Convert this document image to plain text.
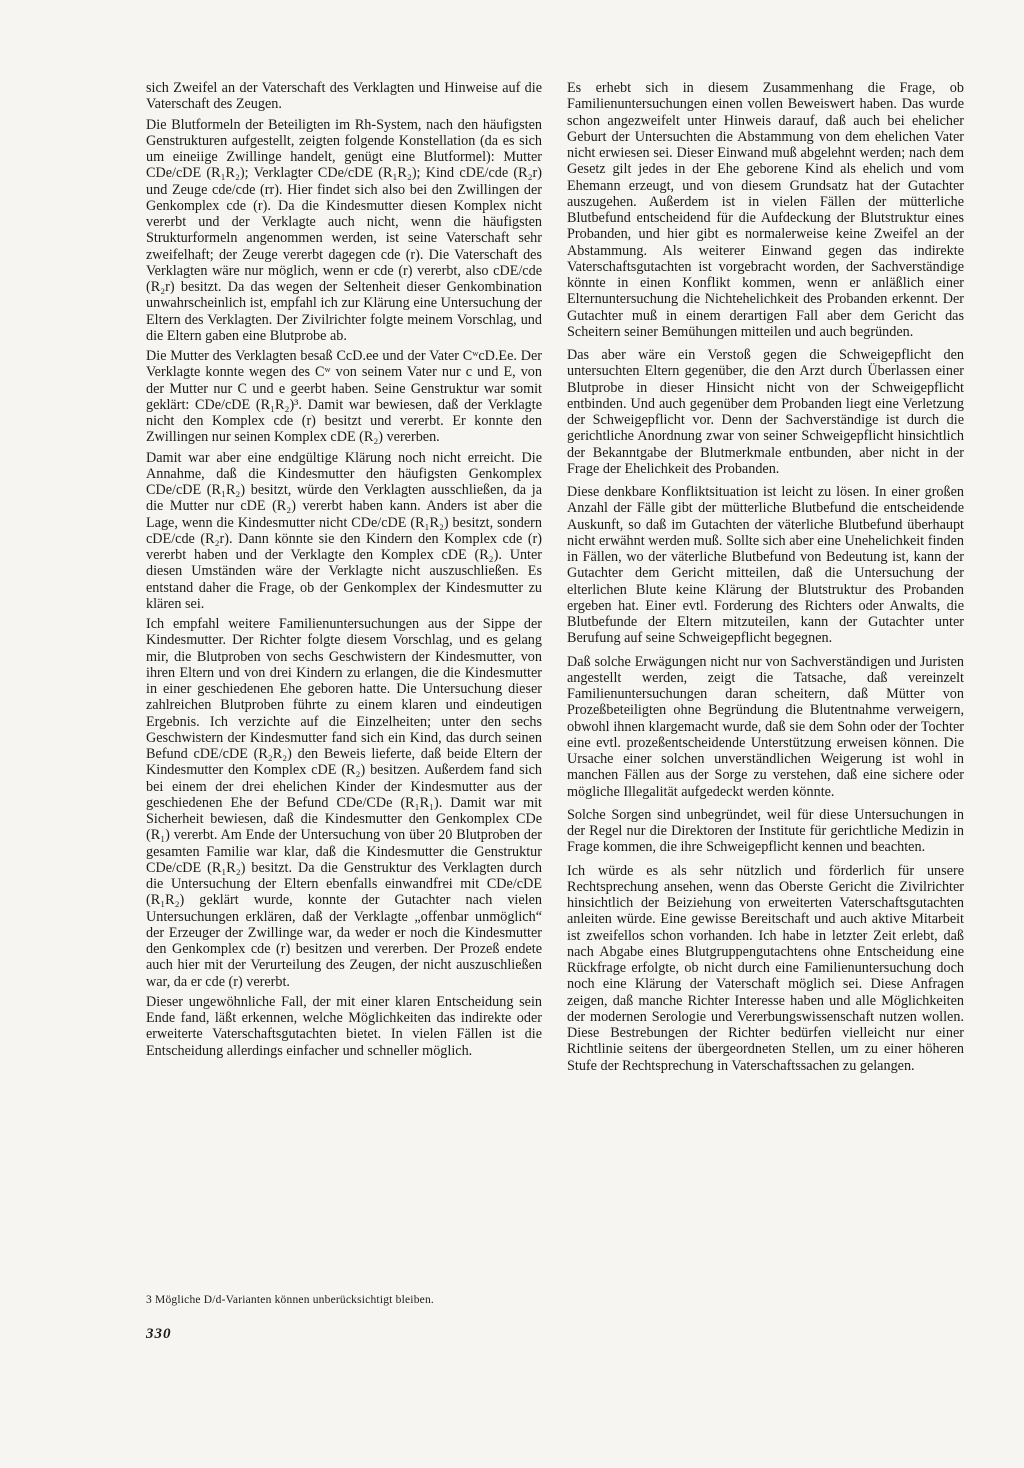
sich Zweifel an der Vaterschaft des Verklagten und Hinweise auf die Vaterschaft des Zeugen.

Die Blutformeln der Beteiligten im Rh-System, nach den häufigsten Genstrukturen aufgestellt, zeigten folgende Konstellation (da es sich um eineiige Zwillinge handelt, genügt eine Blutformel): Mutter CDe/cDE (R₁R₂); Verklagter CDe/cDE (R₁R₂); Kind cDE/cde (R₂r) und Zeuge cde/cde (rr). Hier findet sich also bei den Zwillingen der Genkomplex cde (r). Da die Kindesmutter diesen Komplex nicht vererbt und der Verklagte auch nicht, wenn die häufigsten Strukturformeln angenommen werden, ist seine Vaterschaft sehr zweifelhaft; der Zeuge vererbt dagegen cde (r). Die Vaterschaft des Verklagten wäre nur möglich, wenn er cde (r) vererbt, also cDE/cde (R₂r) besitzt. Da das wegen der Seltenheit dieser Genkombination unwahrscheinlich ist, empfahl ich zur Klärung eine Untersuchung der Eltern des Verklagten. Der Zivilrichter folgte meinem Vorschlag, und die Eltern gaben eine Blutprobe ab.

Die Mutter des Verklagten besaß CcD.ee und der Vater CʷcD.Ee. Der Verklagte konnte wegen des Cʷ von seinem Vater nur c und E, von der Mutter nur C und e geerbt haben. Seine Genstruktur war somit geklärt: CDe/cDE (R₁R₂)³. Damit war bewiesen, daß der Verklagte nicht den Komplex cde (r) besitzt und vererbt. Er konnte den Zwillingen nur seinen Komplex cDE (R₂) vererben.

Damit war aber eine endgültige Klärung noch nicht erreicht. Die Annahme, daß die Kindesmutter den häufigsten Genkomplex CDe/cDE (R₁R₂) besitzt, würde den Verklagten ausschließen, da ja die Mutter nur cDE (R₂) vererbt haben kann. Anders ist aber die Lage, wenn die Kindesmutter nicht CDe/cDE (R₁R₂) besitzt, sondern cDE/cde (R₂r). Dann könnte sie den Kindern den Komplex cde (r) vererbt haben und der Verklagte den Komplex cDE (R₂). Unter diesen Umständen wäre der Verklagte nicht auszuschließen. Es entstand daher die Frage, ob der Genkomplex der Kindesmutter zu klären sei.

Ich empfahl weitere Familienuntersuchungen aus der Sippe der Kindesmutter. Der Richter folgte diesem Vorschlag, und es gelang mir, die Blutproben von sechs Geschwistern der Kindesmutter, von ihren Eltern und von drei Kindern zu erlangen, die die Kindesmutter in einer geschiedenen Ehe geboren hatte. Die Untersuchung dieser zahlreichen Blutproben führte zu einem klaren und eindeutigen Ergebnis. Ich verzichte auf die Einzelheiten; unter den sechs Geschwistern der Kindesmutter fand sich ein Kind, das durch seinen Befund cDE/cDE (R₂R₂) den Beweis lieferte, daß beide Eltern der Kindesmutter den Komplex cDE (R₂) besitzen. Außerdem fand sich bei einem der drei ehelichen Kinder der Kindesmutter aus der geschiedenen Ehe der Befund CDe/CDe (R₁R₁). Damit war mit Sicherheit bewiesen, daß die Kindesmutter den Genkomplex CDe (R₁) vererbt. Am Ende der Untersuchung von über 20 Blutproben der gesamten Familie war klar, daß die Kindesmutter die Genstruktur CDe/cDE (R₁R₂) besitzt. Da die Genstruktur des Verklagten durch die Untersuchung der Eltern ebenfalls einwandfrei mit CDe/cDE (R₁R₂) geklärt wurde, konnte der Gutachter nach vielen Untersuchungen erklären, daß der Verklagte „offenbar unmöglich“ der Erzeuger der Zwillinge war, da weder er noch die Kindesmutter den Genkomplex cde (r) besitzen und vererben. Der Prozeß endete auch hier mit der Verurteilung des Zeugen, der nicht auszuschließen war, da er cde (r) vererbt.

Dieser ungewöhnliche Fall, der mit einer klaren Entscheidung sein Ende fand, läßt erkennen, welche Möglichkeiten das indirekte oder erweiterte Vaterschaftsgutachten bietet. In vielen Fällen ist die Entscheidung allerdings einfacher und schneller möglich.

3 Mögliche D/d-Varianten können unberücksichtigt bleiben.
330

Es erhebt sich in diesem Zusammenhang die Frage, ob Familienuntersuchungen einen vollen Beweiswert haben. Das wurde schon angezweifelt unter Hinweis darauf, daß auch bei ehelicher Geburt der Untersuchten die Abstammung von dem ehelichen Vater nicht erwiesen sei. Dieser Einwand muß abgelehnt werden; nach dem Gesetz gilt jedes in der Ehe geborene Kind als ehelich und vom Ehemann erzeugt, und von diesem Grundsatz hat der Gutachter auszugehen. Außerdem ist in vielen Fällen der mütterliche Blutbefund entscheidend für die Aufdeckung der Blutstruktur eines Probanden, und hier gibt es normalerweise keine Zweifel an der Abstammung. Als weiterer Einwand gegen das indirekte Vaterschaftsgutachten ist vorgebracht worden, der Sachverständige könnte in einen Konflikt kommen, wenn er anläßlich einer Elternuntersuchung die Nichtehelichkeit des Probanden erkennt. Der Gutachter muß in einem derartigen Fall aber dem Gericht das Scheitern seiner Bemühungen mitteilen und auch begründen.

Das aber wäre ein Verstoß gegen die Schweigepflicht den untersuchten Eltern gegenüber, die den Arzt durch Überlassen einer Blutprobe in dieser Hinsicht nicht von der Schweigepflicht entbinden. Und auch gegenüber dem Probanden liegt eine Verletzung der Schweigepflicht vor. Denn der Sachverständige ist durch die gerichtliche Anordnung zwar von seiner Schweigepflicht hinsichtlich der Bekanntgabe der Blutmerkmale entbunden, aber nicht in der Frage der Ehelichkeit des Probanden.

Diese denkbare Konfliktsituation ist leicht zu lösen. In einer großen Anzahl der Fälle gibt der mütterliche Blutbefund die entscheidende Auskunft, so daß im Gutachten der väterliche Blutbefund überhaupt nicht erwähnt werden muß. Sollte sich aber eine Unehelichkeit finden in Fällen, wo der väterliche Blutbefund von Bedeutung ist, kann der Gutachter dem Gericht mitteilen, daß die Untersuchung der elterlichen Blute keine Klärung der Blutstruktur des Probanden ergeben hat. Einer evtl. Forderung des Richters oder Anwalts, die Blutbefunde der Eltern mitzuteilen, kann der Gutachter unter Berufung auf seine Schweigepflicht begegnen.

Daß solche Erwägungen nicht nur von Sachverständigen und Juristen angestellt werden, zeigt die Tatsache, daß vereinzelt Familienuntersuchungen daran scheitern, daß Mütter von Prozeßbeteiligten ohne Begründung die Blutentnahme verweigern, obwohl ihnen klargemacht wurde, daß sie dem Sohn oder der Tochter eine evtl. prozeßentscheidende Unterstützung erweisen können. Die Ursache einer solchen unverständlichen Weigerung ist wohl in manchen Fällen aus der Sorge zu verstehen, daß eine sichere oder mögliche Illegalität aufgedeckt werden könnte.

Solche Sorgen sind unbegründet, weil für diese Untersuchungen in der Regel nur die Direktoren der Institute für gerichtliche Medizin in Frage kommen, die ihre Schweigepflicht kennen und beachten.

Ich würde es als sehr nützlich und förderlich für unsere Rechtsprechung ansehen, wenn das Oberste Gericht die Zivilrichter hinsichtlich der Beiziehung von erweiterten Vaterschaftsgutachten anleiten würde. Eine gewisse Bereitschaft und auch aktive Mitarbeit ist zweifellos schon vorhanden. Ich habe in letzter Zeit erlebt, daß nach Abgabe eines Blutgruppengutachtens ohne Entscheidung eine Rückfrage erfolgte, ob nicht durch eine Familienuntersuchung doch noch eine Klärung der Vaterschaft möglich sei. Diese Anfragen zeigen, daß manche Richter Interesse haben und alle Möglichkeiten der modernen Serologie und Vererbungswissenschaft nutzen wollen. Diese Bestrebungen der Richter bedürfen vielleicht nur einer Richtlinie seitens der übergeordneten Stellen, um zu einer höheren Stufe der Rechtsprechung in Vaterschaftssachen zu gelangen.
